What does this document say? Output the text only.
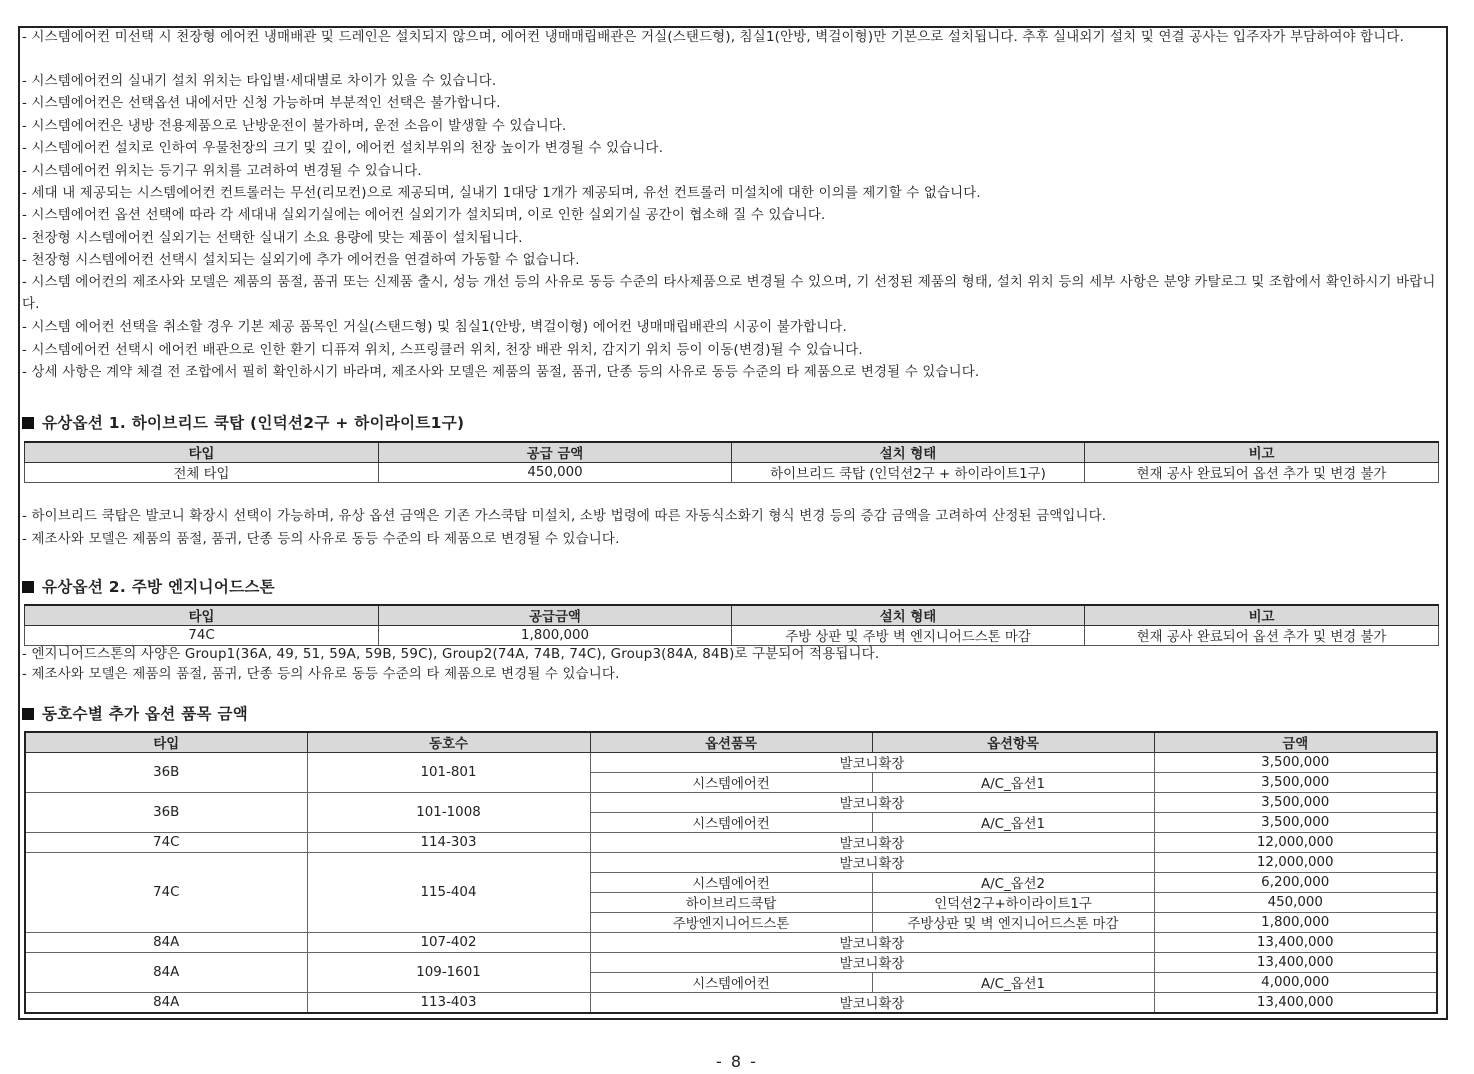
- 시스템에어컨 미선택 시 천장형 에어컨 냉매배관 및 드레인은 설치되지 않으며, 에어컨 냉매매립배관은 거실(스탠드형), 침실1(안방, 벽걸이형)만 기본으로 설치됩니다. 추후 실내외기 설치 및 연결 공사는 입주자가 부담하여야 합니다.
- 시스템에어컨의 실내기 설치 위치는 타입별·세대별로 차이가 있을 수 있습니다.
- 시스템에어컨은 선택옵션 내에서만 신청 가능하며 부분적인 선택은 불가합니다.
- 시스템에어컨은 냉방 전용제품으로 난방운전이 불가하며, 운전 소음이 발생할 수 있습니다.
- 시스템에어컨 설치로 인하여 우물천장의 크기 및 깊이, 에어컨 설치부위의 천장 높이가 변경될 수 있습니다.
- 시스템에어컨 위치는 등기구 위치를 고려하여 변경될 수 있습니다.
- 세대 내 제공되는 시스템에어컨 컨트롤러는 무선(리모컨)으로 제공되며, 실내기 1대당 1개가 제공되며, 유선 컨트롤러 미설치에 대한 이의를 제기할 수 없습니다.
- 시스템에어컨 옵션 선택에 따라 각 세대내 실외기실에는 에어컨 실외기가 설치되며, 이로 인한 실외기실 공간이 협소해 질 수 있습니다.
- 천장형 시스템에어컨 실외기는 선택한 실내기 소요 용량에 맞는 제품이 설치됩니다.
- 천장형 시스템에어컨 선택시 설치되는 실외기에 추가 에어컨을 연결하여 가동할 수 없습니다.
- 시스템 에어컨의 제조사와 모델은 제품의 품절, 품귀 또는 신제품 출시, 성능 개선 등의 사유로 동등 수준의 타사제품으로 변경될 수 있으며, 기 선정된 제품의 형태, 설치 위치 등의 세부 사항은 분양 카탈로그 및 조합에서 확인하시기 바랍니다.
- 시스템 에어컨 선택을 취소할 경우 기본 제공 품목인 거실(스탠드형) 및 침실1(안방, 벽걸이형) 에어컨 냉매매립배관의 시공이 불가합니다.
- 시스템에어컨 선택시 에어컨 배관으로 인한 환기 디퓨져 위치, 스프링클러 위치, 천장 배관 위치, 감지기 위치 등이 이동(변경)될 수 있습니다.
- 상세 사항은 계약 체결 전 조합에서 필히 확인하시기 바라며, 제조사와 모델은 제품의 품절, 품귀, 단종 등의 사유로 동등 수준의 타 제품으로 변경될 수 있습니다.
유상옵션 1. 하이브리드 쿡탑 (인덕션2구 + 하이라이트1구)
타입	공급 금액	설치 형태	비고
전체 타입	450,000	하이브리드 쿡탑 (인덕션2구 + 하이라이트1구)	현재 공사 완료되어 옵션 추가 및 변경 불가
- 하이브리드 쿡탑은 발코니 확장시 선택이 가능하며, 유상 옵션 금액은 기존 가스쿡탑 미설치, 소방 법령에 따른 자동식소화기 형식 변경 등의 증감 금액을 고려하여 산정된 금액입니다.
- 제조사와 모델은 제품의 품절, 품귀, 단종 등의 사유로 동등 수준의 타 제품으로 변경될 수 있습니다.
유상옵션 2. 주방 엔지니어드스톤
타입	공급금액	설치 형태	비고
74C	1,800,000	주방 상판 및 주방 벽 엔지니어드스톤 마감	현재 공사 완료되어 옵션 추가 및 변경 불가
- 엔지니어드스톤의 사양은 Group1(36A, 49, 51, 59A, 59B, 59C), Group2(74A, 74B, 74C), Group3(84A, 84B)로 구분되어 적용됩니다.
- 제조사와 모델은 제품의 품절, 품귀, 단종 등의 사유로 동등 수준의 타 제품으로 변경될 수 있습니다.
동호수별 추가 옵션 품목 금액
타입	동호수	옵션품목	옵션항목	금액
36B	101-801	발코니확장		3,500,000
		시스템에어컨	A/C_옵션1	3,500,000
36B	101-1008	발코니확장		3,500,000
		시스템에어컨	A/C_옵션1	3,500,000
74C	114-303	발코니확장		12,000,000
74C	115-404	발코니확장		12,000,000
		시스템에어컨	A/C_옵션2	6,200,000
		하이브리드쿡탑	인덕션2구+하이라이트1구	450,000
		주방엔지니어드스톤	주방상판 및 벽 엔지니어드스톤 마감	1,800,000
84A	107-402	발코니확장		13,400,000
84A	109-1601	발코니확장		13,400,000
		시스템에어컨	A/C_옵션1	4,000,000
84A	113-403	발코니확장		13,400,000
- 8 -
